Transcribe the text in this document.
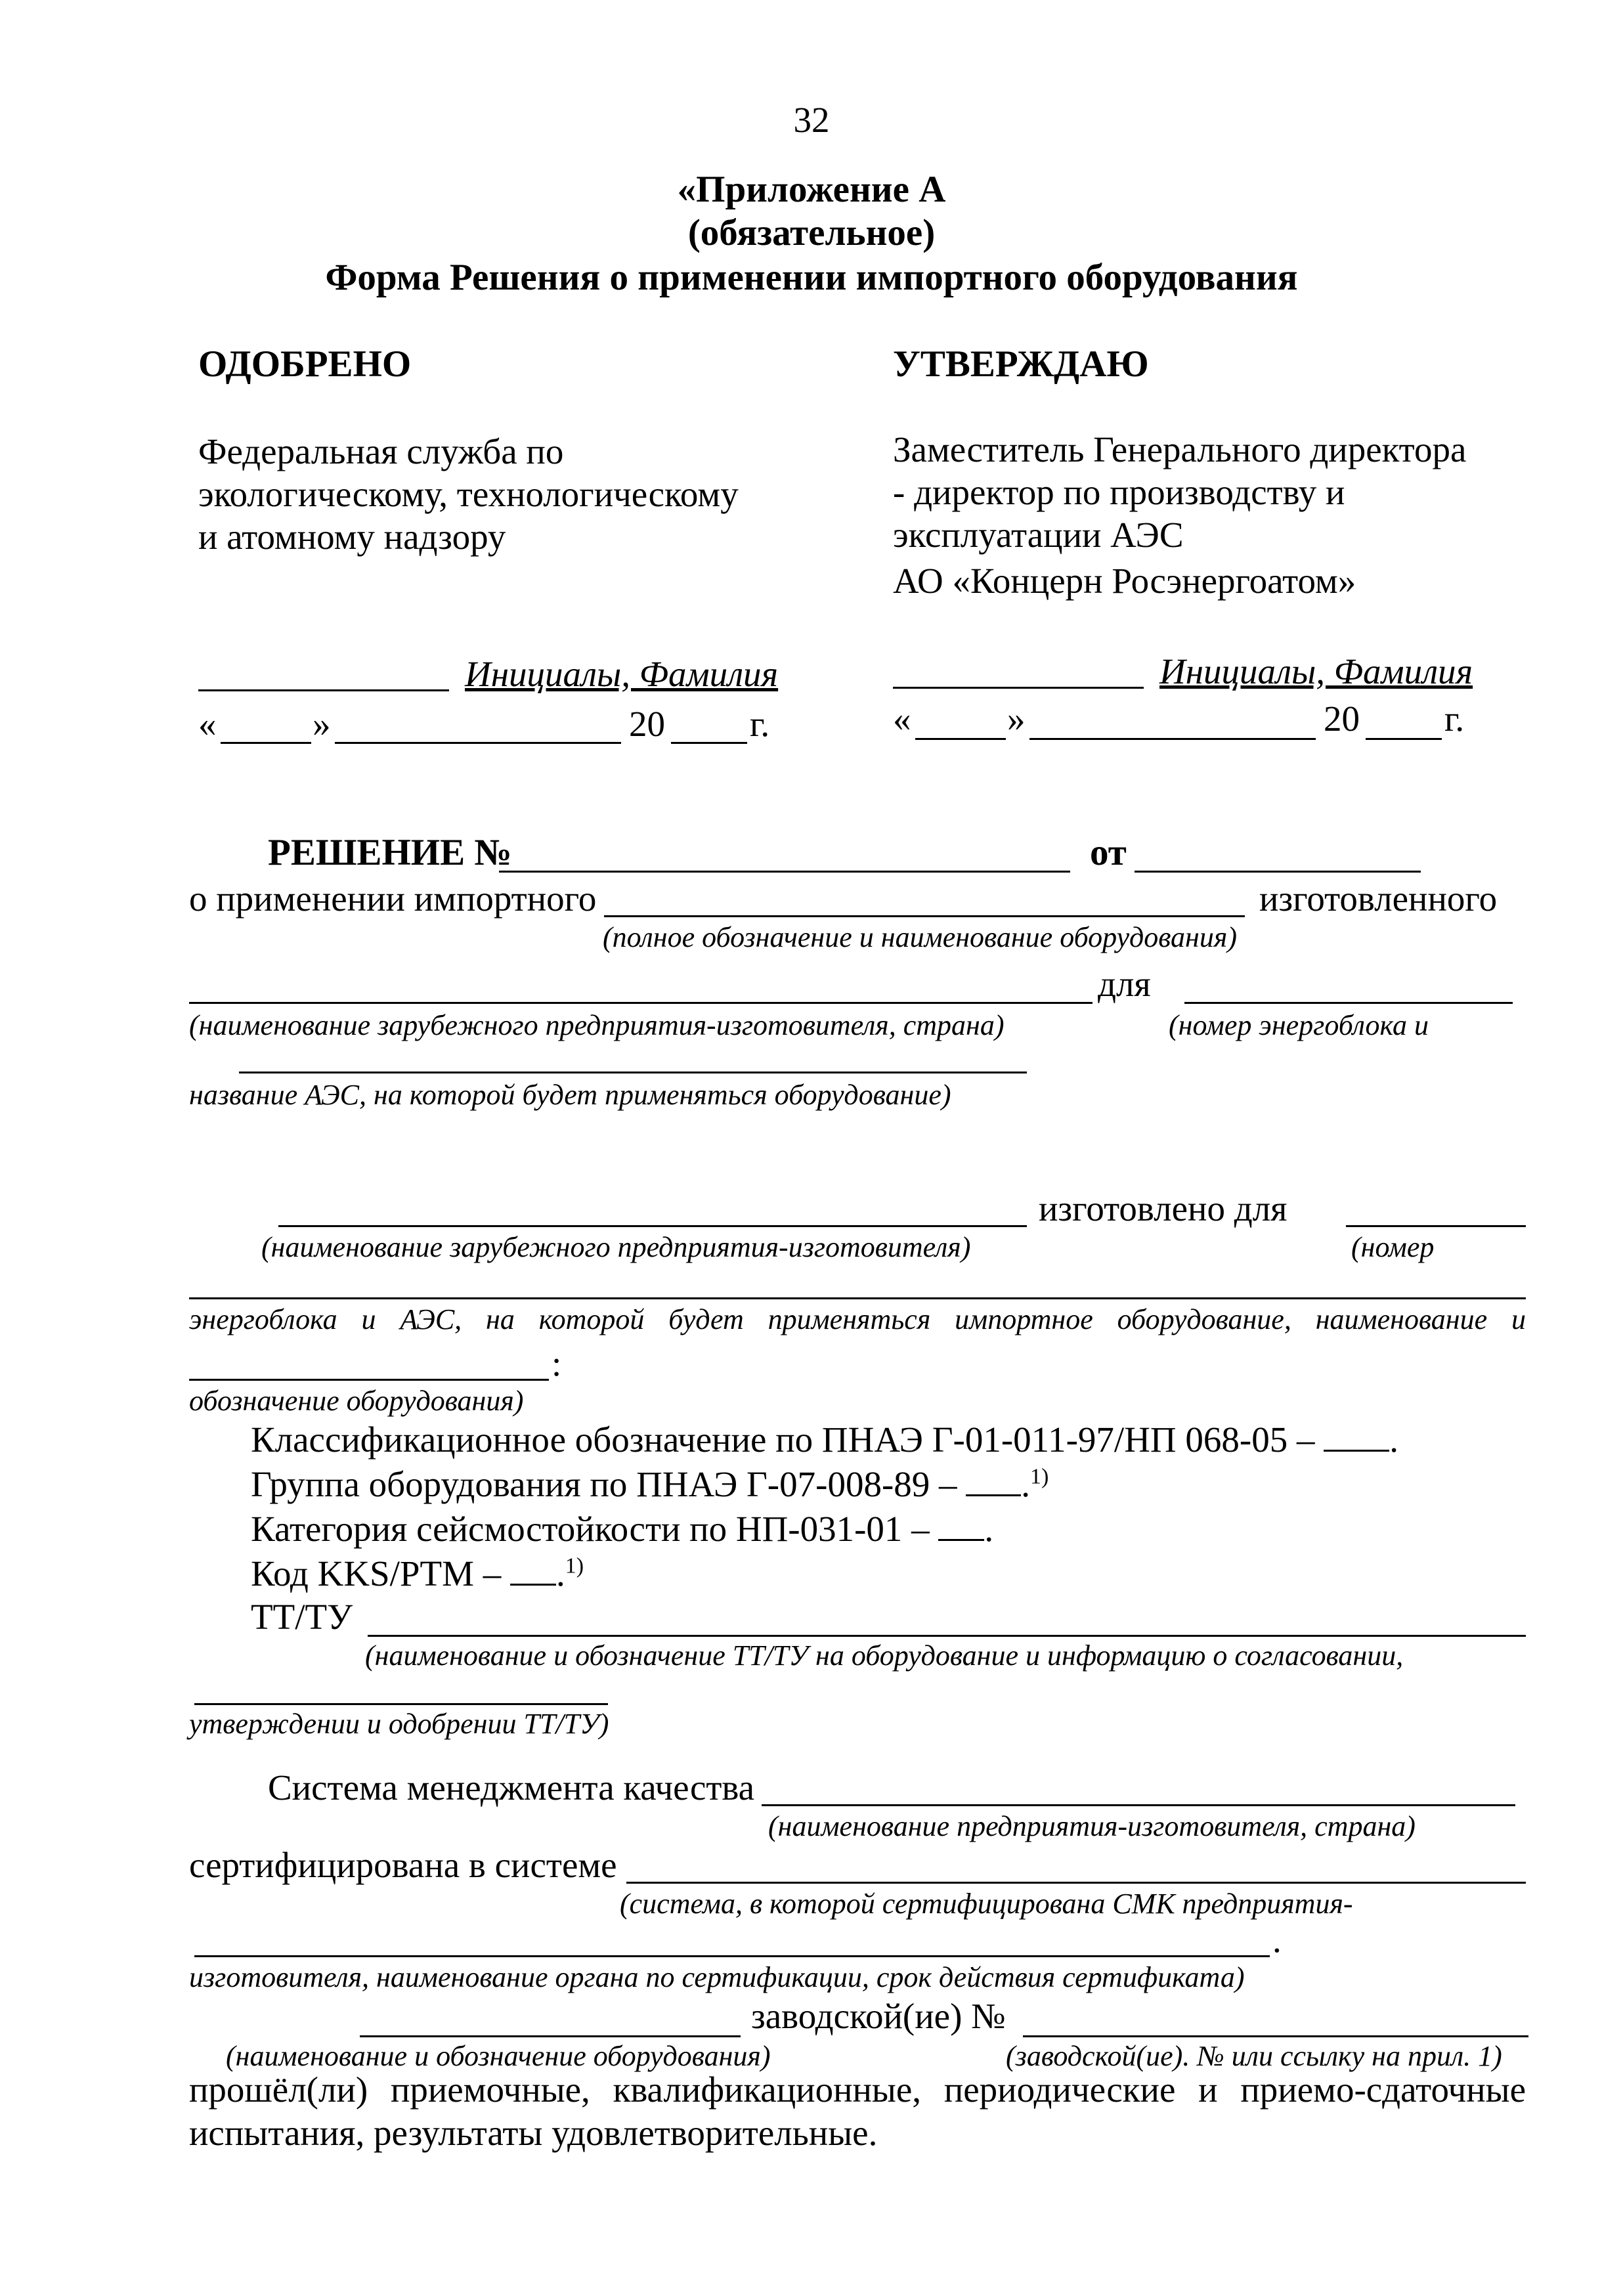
32
«Приложение А
(обязательное)
Форма Решения о применении импортного оборудования
ОДОБРЕНО
Федеральная служба по
экологическому, технологическому
и атомному надзору
Инициалы, Фамилия
«	»	20 г.
УТВЕРЖДАЮ
Заместитель Генерального директора
- директор по производству и
эксплуатации АЭС
АО «Концерн Росэнергоатом»
Инициалы, Фамилия
«	»	20 г.
РЕШЕНИЕ №	от
о применении импортного	изготовленного
(полное обозначение и наименование оборудования)
для
(наименование зарубежного предприятия-изготовителя, страна)	(номер энергоблока и
название АЭС, на которой будет применяться оборудование)
изготовлено для
(наименование зарубежного предприятия-изготовителя)	(номер
энергоблока и АЭС, на которой будет применяться импортное оборудование, наименование и
:
обозначение оборудования)
Классификационное обозначение по ПНАЭ Г-01-011-97/НП 068-05 – .
Группа оборудования по ПНАЭ Г-07-008-89 – .$^{1)}$
Категория сейсмостойкости по НП-031-01 – .
Код KKS/PTM – .$^{1)}$
ТТ/ТУ
(наименование и обозначение ТТ/ТУ на оборудование и информацию о согласовании,
утверждении и одобрении ТТ/ТУ)
Система менеджмента качества
(наименование предприятия-изготовителя, страна)
сертифицирована в системе
(система, в которой сертифицирована СМК предприятия-
.
изготовителя, наименование органа по сертификации, срок действия сертификата)
заводской(ие) №
(наименование и обозначение оборудования)	(заводской(ие). № или ссылку на прил. 1)
прошёл(ли) приемочные, квалификационные, периодические и приемо-сдаточные
испытания, результаты удовлетворительные.
